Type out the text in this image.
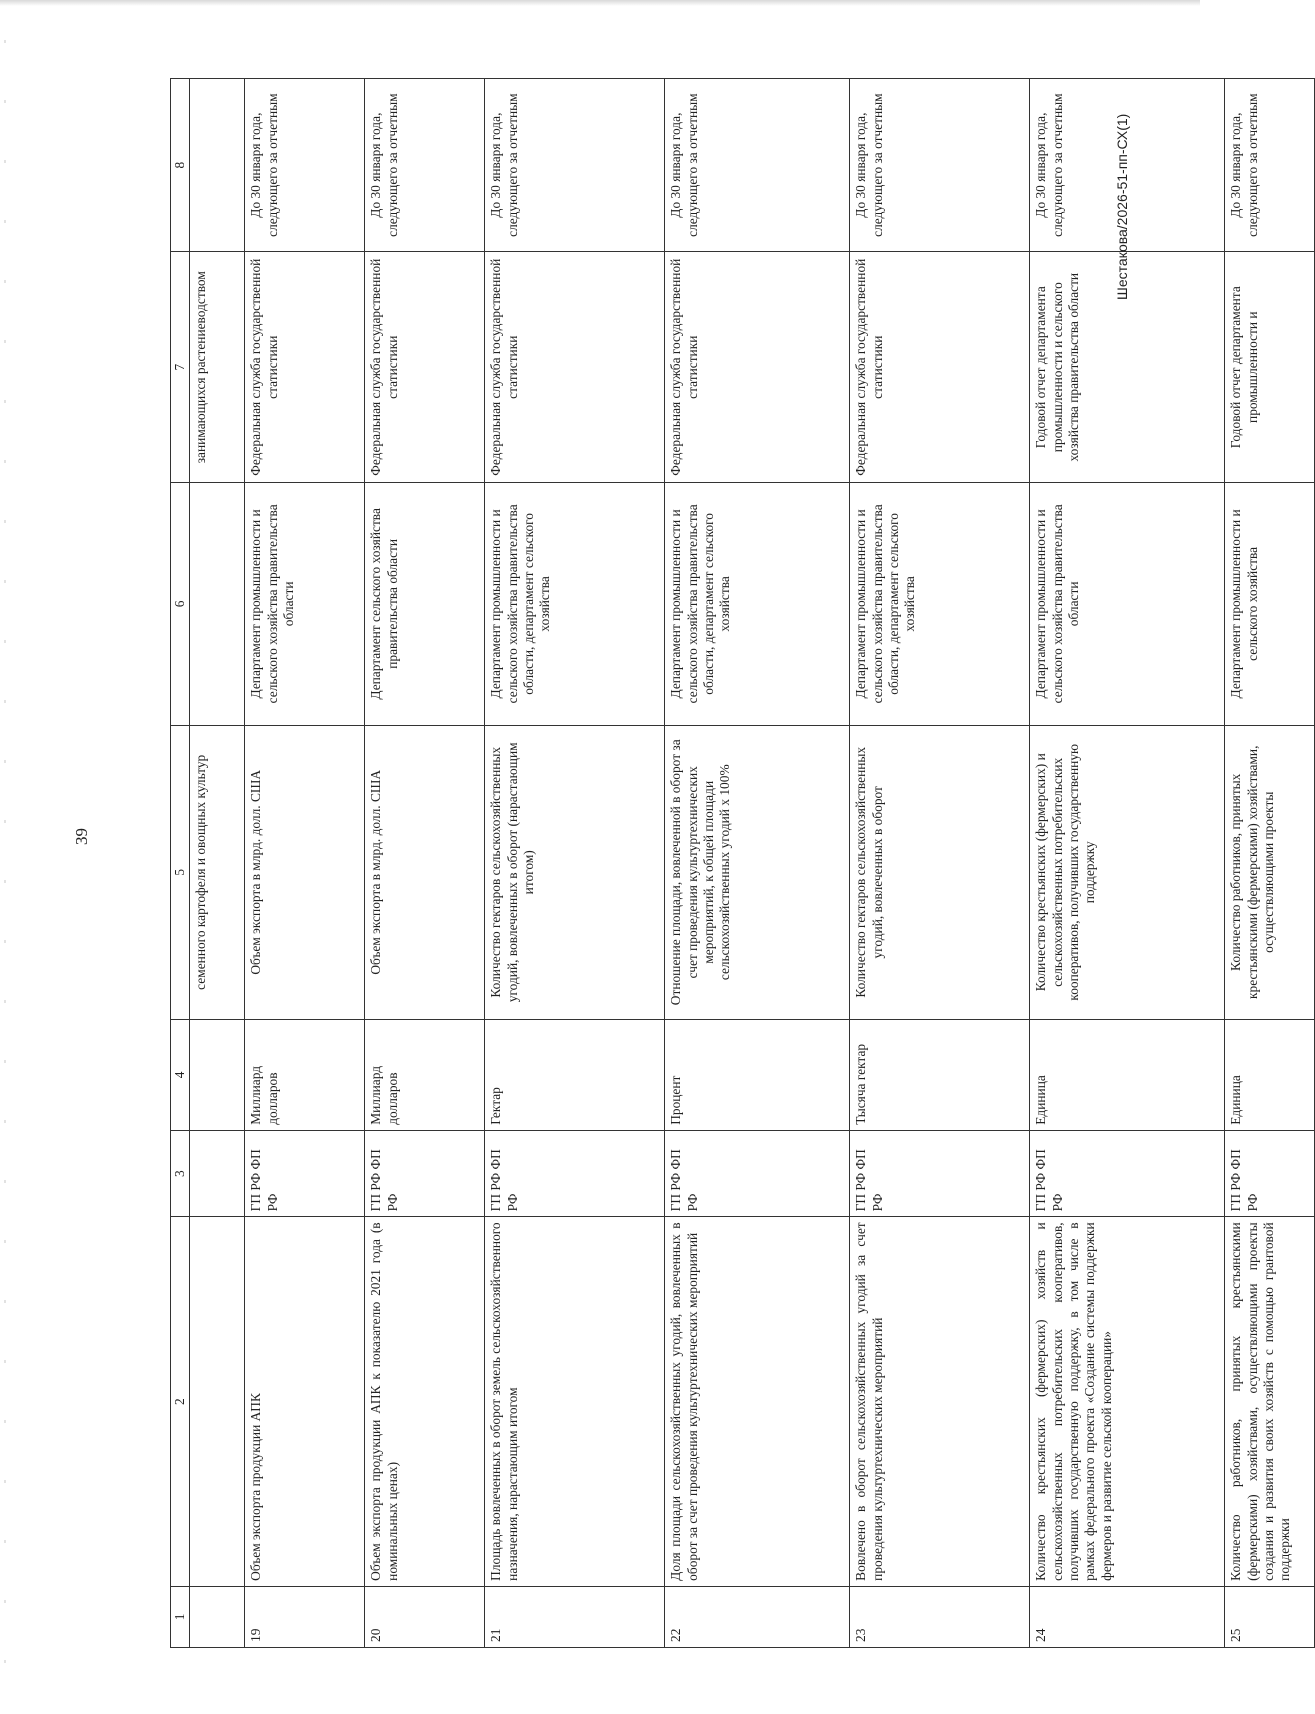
39
1	2	3	4	5	6	7	8
				семенного картофеля и овощных культур		занимающихся растениеводством	
19	Объем экспорта продукции АПК	ГП РФ ФП РФ	Миллиард долларов	Объем экспорта в млрд. долл. США	Департамент промышленности и сельского хозяйства правительства области	Федеральная служба государственной статистики	До 30 января года, следующего за отчетным
20	Объем экспорта продукции АПК к показателю 2021 года (в номинальных ценах)	ГП РФ ФП РФ	Миллиард долларов	Объем экспорта в млрд. долл. США	Департамент сельского хозяйства правительства области	Федеральная служба государственной статистики	До 30 января года, следующего за отчетным
21	Площадь вовлеченных в оборот земель сельскохозяйственного назначения, нарастающим итогом	ГП РФ ФП РФ	Гектар	Количество гектаров сельскохозяйственных угодий, вовлеченных в оборот (нарастающим итогом)	Департамент промышленности и сельского хозяйства правительства области, департамент сельского хозяйства	Федеральная служба государственной статистики	До 30 января года, следующего за отчетным
22	Доля площади сельскохозяйственных угодий, вовлеченных в оборот за счет проведения культуртехнических мероприятий	ГП РФ ФП РФ	Процент	Отношение площади, вовлеченной в оборот за счет проведения культуртехнических мероприятий, к общей площади сельскохозяйственных угодий х 100%	Департамент промышленности и сельского хозяйства правительства области, департамент сельского хозяйства	Федеральная служба государственной статистики	До 30 января года, следующего за отчетным
23	Вовлечено в оборот сельскохозяйственных угодий за счет проведения культуртехнических мероприятий	ГП РФ ФП РФ	Тысяча гектар	Количество гектаров сельскохозяйственных угодий, вовлеченных в оборот	Департамент промышленности и сельского хозяйства правительства области, департамент сельского хозяйства	Федеральная служба государственной статистики	До 30 января года, следующего за отчетным
24	Количество крестьянских (фермерских) хозяйств и сельскохозяйственных потребительских кооперативов, получивших государственную поддержку, в том числе в рамках федерального проекта «Создание системы поддержки фермеров и развитие сельской кооперации»	ГП РФ ФП РФ	Единица	Количество крестьянских (фермерских) и сельскохозяйственных потребительских кооперативов, получивших государственную поддержку	Департамент промышленности и сельского хозяйства правительства области	Годовой отчет департамента промышленности и сельского хозяйства правительства области	До 30 января года, следующего за отчетным
25	Количество работников, принятых крестьянскими (фермерскими) хозяйствами, осуществляющими проекты создания и развития своих хозяйств с помощью грантовой поддержки	ГП РФ ФП РФ	Единица	Количество работников, принятых крестьянскими (фермерскими) хозяйствами, осуществляющими проекты	Департамент промышленности и сельского хозяйства	Годовой отчет департамента промышленности и	До 30 января года, следующего за отчетным
Шестакова/2026-51-пп-СХ(1)
